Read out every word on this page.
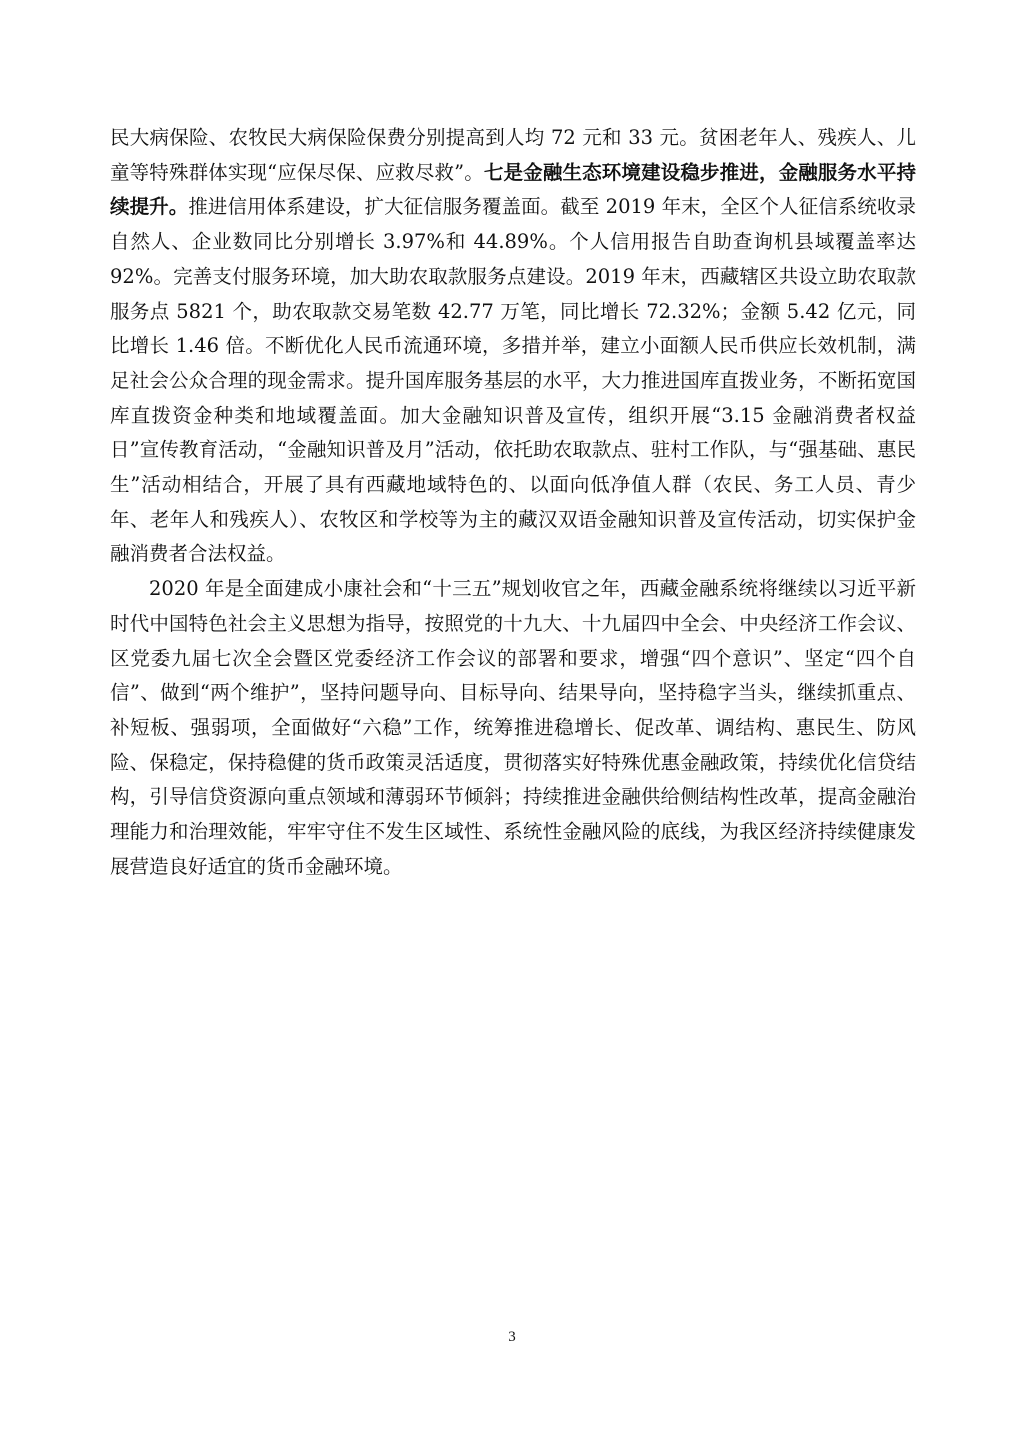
民大病保险、农牧民大病保险保费分别提高到人均 72 元和 33 元。贫困老年人、残疾人、儿童等特殊群体实现“应保尽保、应救尽救”。七是金融生态环境建设稳步推进，金融服务水平持续提升。推进信用体系建设，扩大征信服务覆盖面。截至 2019 年末，全区个人征信系统收录自然人、企业数同比分别增长 3.97%和 44.89%。个人信用报告自助查询机县域覆盖率达 92%。完善支付服务环境，加大助农取款服务点建设。2019 年末，西藏辖区共设立助农取款服务点 5821 个，助农取款交易笔数 42.77 万笔，同比增长 72.32%；金额 5.42 亿元，同比增长 1.46 倍。不断优化人民币流通环境，多措并举，建立小面额人民币供应长效机制，满足社会公众合理的现金需求。提升国库服务基层的水平，大力推进国库直拨业务，不断拓宽国库直拨资金种类和地域覆盖面。加大金融知识普及宣传，组织开展“3.15 金融消费者权益日”宣传教育活动，“金融知识普及月”活动，依托助农取款点、驻村工作队，与“强基础、惠民生”活动相结合，开展了具有西藏地域特色的、以面向低净值人群（农民、务工人员、青少年、老年人和残疾人）、农牧区和学校等为主的藏汉双语金融知识普及宣传活动，切实保护金融消费者合法权益。

2020 年是全面建成小康社会和“十三五”规划收官之年，西藏金融系统将继续以习近平新时代中国特色社会主义思想为指导，按照党的十九大、十九届四中全会、中央经济工作会议、区党委九届七次全会暨区党委经济工作会议的部署和要求，增强“四个意识”、坚定“四个自信”、做到“两个维护”，坚持问题导向、目标导向、结果导向，坚持稳字当头，继续抓重点、补短板、强弱项，全面做好“六稳”工作，统筹推进稳增长、促改革、调结构、惠民生、防风险、保稳定，保持稳健的货币政策灵活适度，贯彻落实好特殊优惠金融政策，持续优化信贷结构，引导信贷资源向重点领域和薄弱环节倾斜；持续推进金融供给侧结构性改革，提高金融治理能力和治理效能，牢牢守住不发生区域性、系统性金融风险的底线，为我区经济持续健康发展营造良好适宜的货币金融环境。

3
